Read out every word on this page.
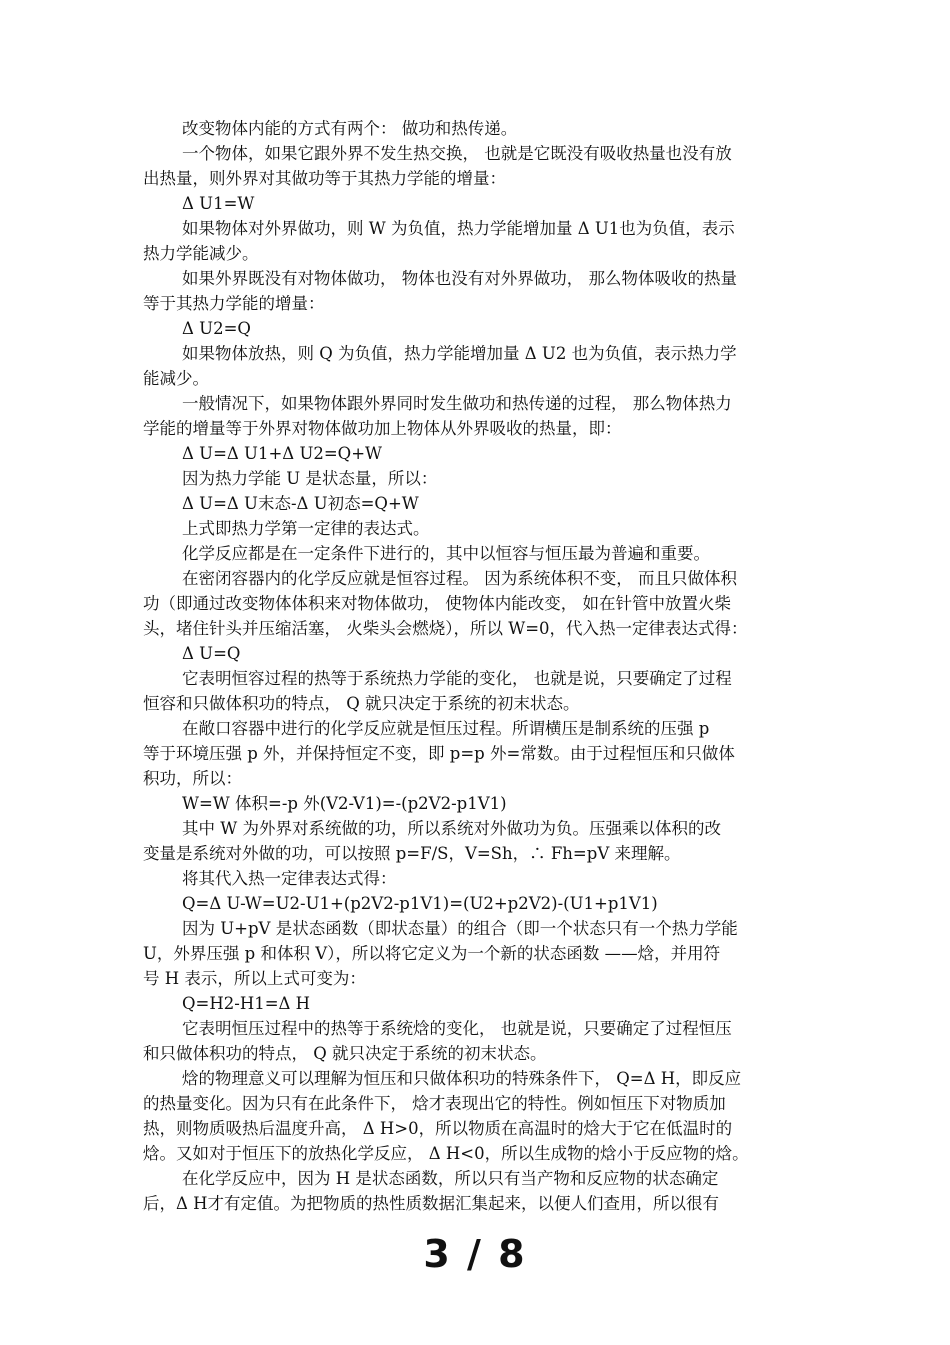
改变物体内能的方式有两个： 做功和热传递。
一个物体，如果它跟外界不发生热交换， 也就是它既没有吸收热量也没有放
出热量，则外界对其做功等于其热力学能的增量：
Δ U1=W
如果物体对外界做功，则 W 为负值，热力学能增加量 Δ U1也为负值，表示
热力学能减少。
如果外界既没有对物体做功， 物体也没有对外界做功， 那么物体吸收的热量
等于其热力学能的增量：
Δ U2=Q
如果物体放热，则 Q 为负值，热力学能增加量 Δ U2 也为负值，表示热力学
能减少。
一般情况下，如果物体跟外界同时发生做功和热传递的过程， 那么物体热力
学能的增量等于外界对物体做功加上物体从外界吸收的热量，即：
Δ U=Δ U1+Δ U2=Q+W
因为热力学能 U 是状态量，所以：
Δ U=Δ U末态-Δ U初态=Q+W
上式即热力学第一定律的表达式。
化学反应都是在一定条件下进行的，其中以恒容与恒压最为普遍和重要。
在密闭容器内的化学反应就是恒容过程。 因为系统体积不变， 而且只做体积
功（即通过改变物体体积来对物体做功， 使物体内能改变， 如在针管中放置火柴
头，堵住针头并压缩活塞， 火柴头会燃烧），所以 W=0，代入热一定律表达式得：
Δ U=Q
它表明恒容过程的热等于系统热力学能的变化， 也就是说，只要确定了过程
恒容和只做体积功的特点， Q 就只决定于系统的初末状态。
在敞口容器中进行的化学反应就是恒压过程。所谓横压是制系统的压强 p
等于环境压强 p 外，并保持恒定不变，即 p=p 外=常数。由于过程恒压和只做体
积功，所以：
W=W 体积=-p 外(V2-V1)=-(p2V2-p1V1)
其中 W 为外界对系统做的功，所以系统对外做功为负。压强乘以体积的改
变量是系统对外做的功，可以按照 p=F/S，V=Sh，∴ Fh=pV 来理解。
将其代入热一定律表达式得：
Q=Δ U-W=U2-U1+(p2V2-p1V1)=(U2+p2V2)-(U1+p1V1)
因为 U+pV 是状态函数（即状态量）的组合（即一个状态只有一个热力学能
U，外界压强 p 和体积 V），所以将它定义为一个新的状态函数 ——焓，并用符
号 H 表示，所以上式可变为：
Q=H2-H1=Δ H
它表明恒压过程中的热等于系统焓的变化， 也就是说，只要确定了过程恒压
和只做体积功的特点， Q 就只决定于系统的初末状态。
焓的物理意义可以理解为恒压和只做体积功的特殊条件下， Q=Δ H，即反应
的热量变化。因为只有在此条件下， 焓才表现出它的特性。例如恒压下对物质加
热，则物质吸热后温度升高， Δ H>0，所以物质在高温时的焓大于它在低温时的
焓。又如对于恒压下的放热化学反应， Δ H<0，所以生成物的焓小于反应物的焓。
在化学反应中，因为 H 是状态函数，所以只有当产物和反应物的状态确定
后，Δ H才有定值。为把物质的热性质数据汇集起来，以便人们查用，所以很有
3 / 8
